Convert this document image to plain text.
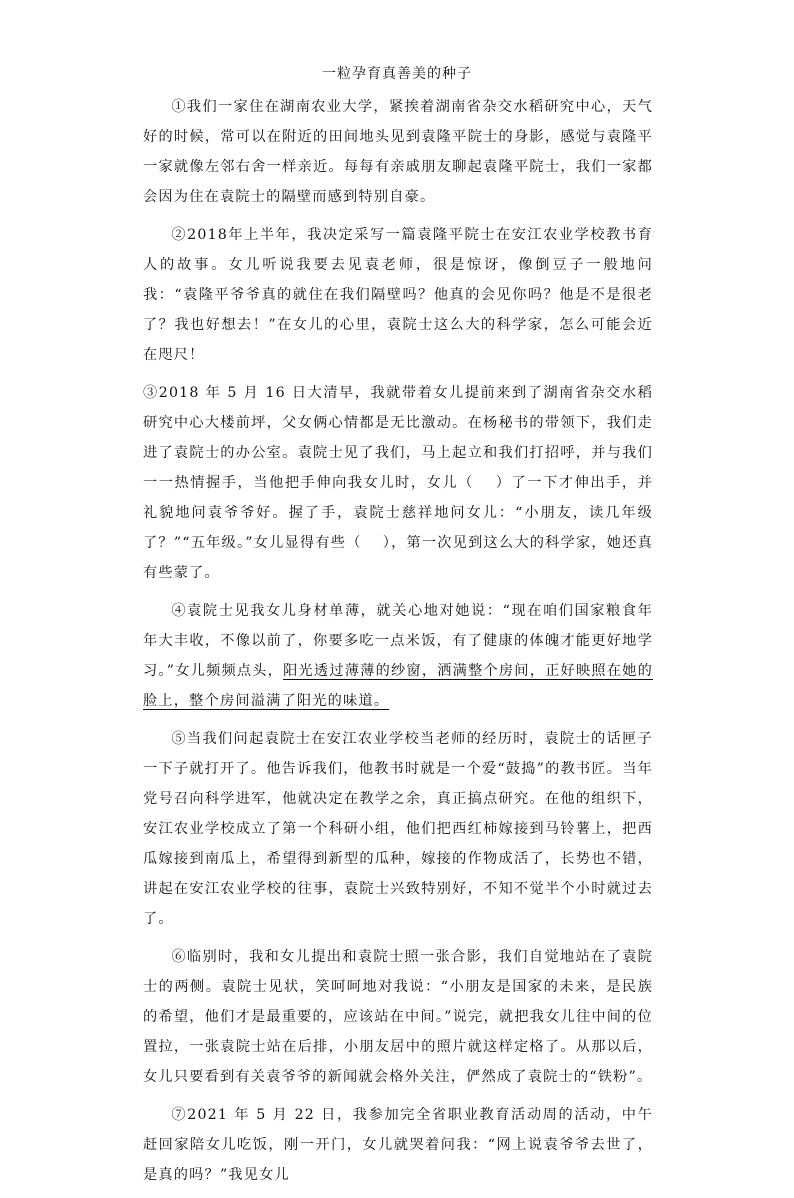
一粒孕育真善美的种子

①我们一家住在湖南农业大学，紧挨着湖南省杂交水稻研究中心，天气好的时候，常可以在附近的田间地头见到袁隆平院士的身影，感觉与袁隆平一家就像左邻右舍一样亲近。每每有亲戚朋友聊起袁隆平院士，我们一家都会因为住在袁院士的隔壁而感到特别自豪。

②2018年上半年，我决定采写一篇袁隆平院士在安江农业学校教书育人的故事。女儿听说我要去见袁老师，很是惊讶，像倒豆子一般地问我：“袁隆平爷爷真的就住在我们隔壁吗？他真的会见你吗？他是不是很老了？我也好想去！”在女儿的心里，袁院士这么大的科学家，怎么可能会近在咫尺！

③2018 年 5 月 16 日大清早，我就带着女儿提前来到了湖南省杂交水稻研究中心大楼前坪，父女俩心情都是无比激动。在杨秘书的带领下，我们走进了袁院士的办公室。袁院士见了我们，马上起立和我们打招呼，并与我们一一热情握手，当他把手伸向我女儿时，女儿（　 ）了一下才伸出手，并礼貌地问袁爷爷好。握了手，袁院士慈祥地问女儿：“小朋友，读几年级了？”“五年级。”女儿显得有些（　 ），第一次见到这么大的科学家，她还真有些蒙了。

④袁院士见我女儿身材单薄，就关心地对她说：“现在咱们国家粮食年年大丰收，不像以前了，你要多吃一点米饭，有了健康的体魄才能更好地学习。”女儿频频点头，阳光透过薄薄的纱窗，洒满整个房间，正好映照在她的脸上，整个房间溢满了阳光的味道。

⑤当我们问起袁院士在安江农业学校当老师的经历时，袁院士的话匣子一下子就打开了。他告诉我们，他教书时就是一个爱“鼓捣”的教书匠。当年党号召向科学进军，他就决定在教学之余，真正搞点研究。在他的组织下，安江农业学校成立了第一个科研小组，他们把西红柿嫁接到马铃薯上，把西瓜嫁接到南瓜上，希望得到新型的瓜种，嫁接的作物成活了，长势也不错，讲起在安江农业学校的往事，袁院士兴致特别好，不知不觉半个小时就过去了。

⑥临别时，我和女儿提出和袁院士照一张合影，我们自觉地站在了袁院士的两侧。袁院士见状，笑呵呵地对我说：“小朋友是国家的未来，是民族的希望，他们才是最重要的，应该站在中间。”说完，就把我女儿往中间的位置拉，一张袁院士站在后排，小朋友居中的照片就这样定格了。从那以后，女儿只要看到有关袁爷爷的新闻就会格外关注，俨然成了袁院士的“铁粉”。

⑦2021 年 5 月 22 日，我参加完全省职业教育活动周的活动，中午赶回家陪女儿吃饭，刚一开门，女儿就哭着问我：“网上说袁爷爷去世了，是真的吗？”我见女儿
